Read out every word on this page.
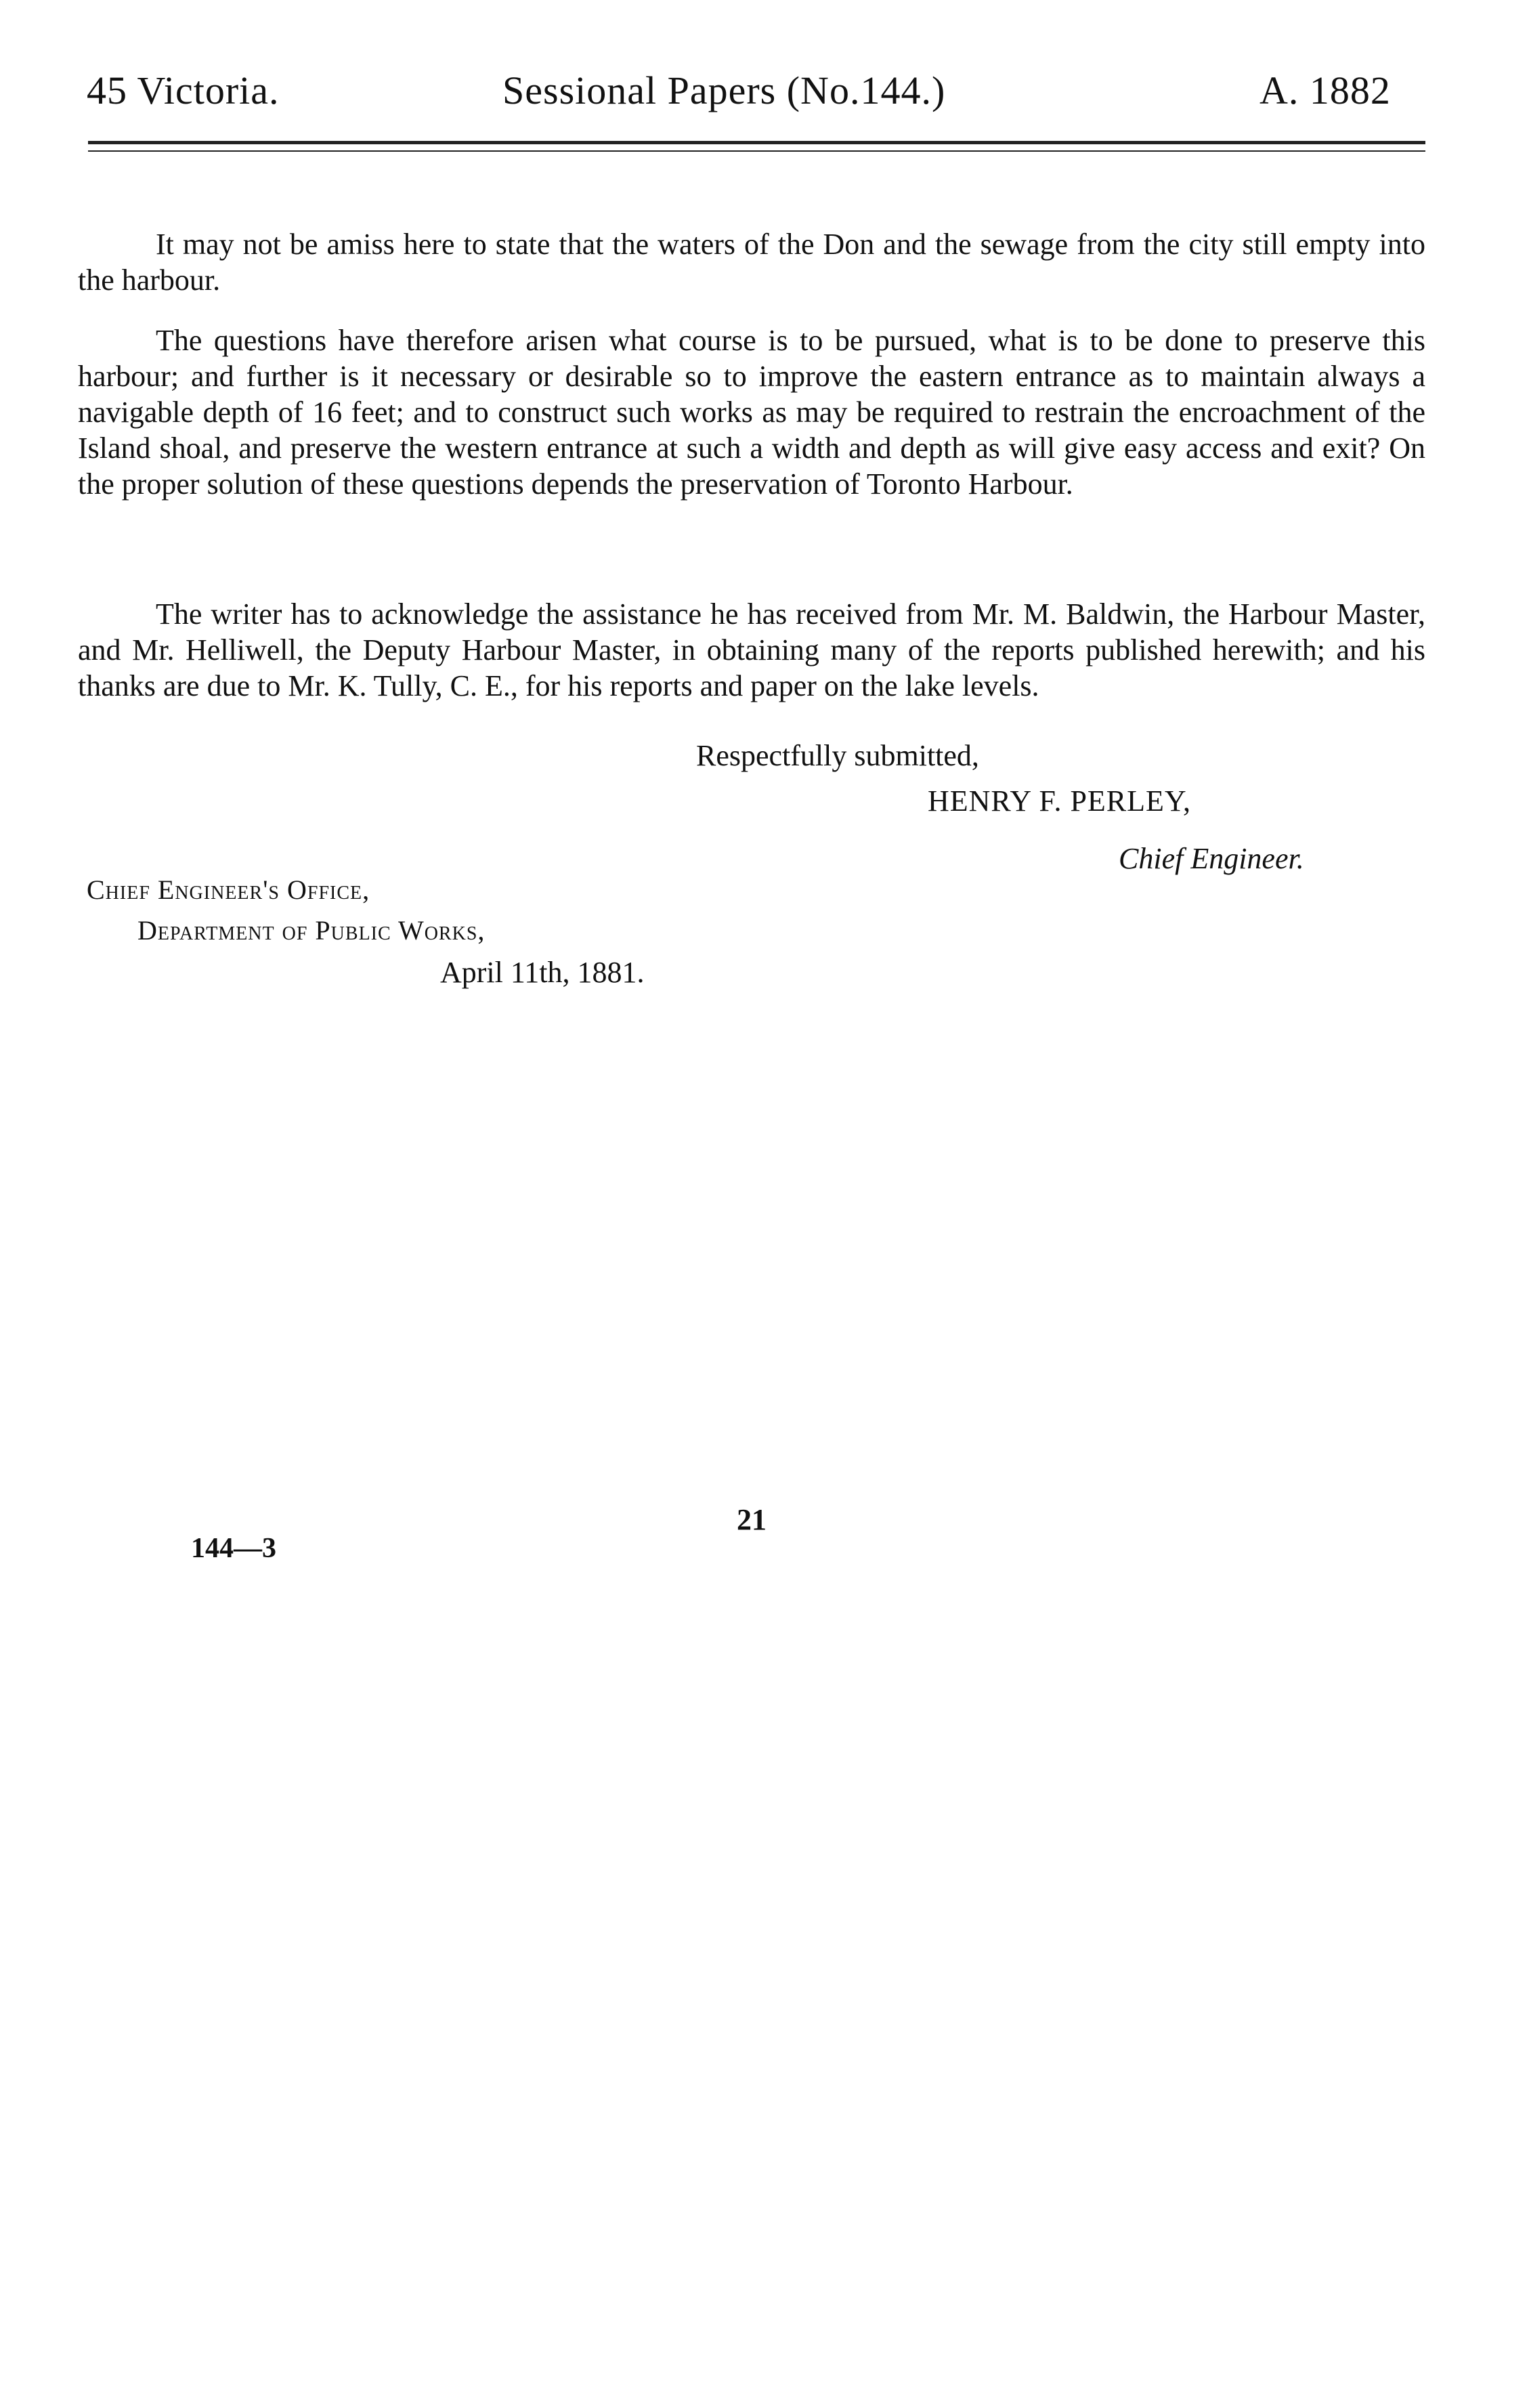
45 Victoria.	Sessional Papers (No.144.)	A. 1882

It may not be amiss here to state that the waters of the Don and the sewage from the city still empty into the harbour.

The questions have therefore arisen what course is to be pursued, what is to be done to preserve this harbour; and further is it necessary or desirable so to improve the eastern entrance as to maintain always a navigable depth of 16 feet; and to construct such works as may be required to restrain the encroachment of the Island shoal, and preserve the western entrance at such a width and depth as will give easy access and exit? On the proper solution of these questions depends the preservation of Toronto Harbour.

The writer has to acknowledge the assistance he has received from Mr. M. Baldwin, the Harbour Master, and Mr. Helliwell, the Deputy Harbour Master, in obtaining many of the reports published herewith; and his thanks are due to Mr. K. Tully, C. E., for his reports and paper on the lake levels.

Respectfully submitted,
HENRY F. PERLEY,
Chief Engineer.
Chief Engineer's Office,
Department of Public Works,
April 11th, 1881.
21
144—3
